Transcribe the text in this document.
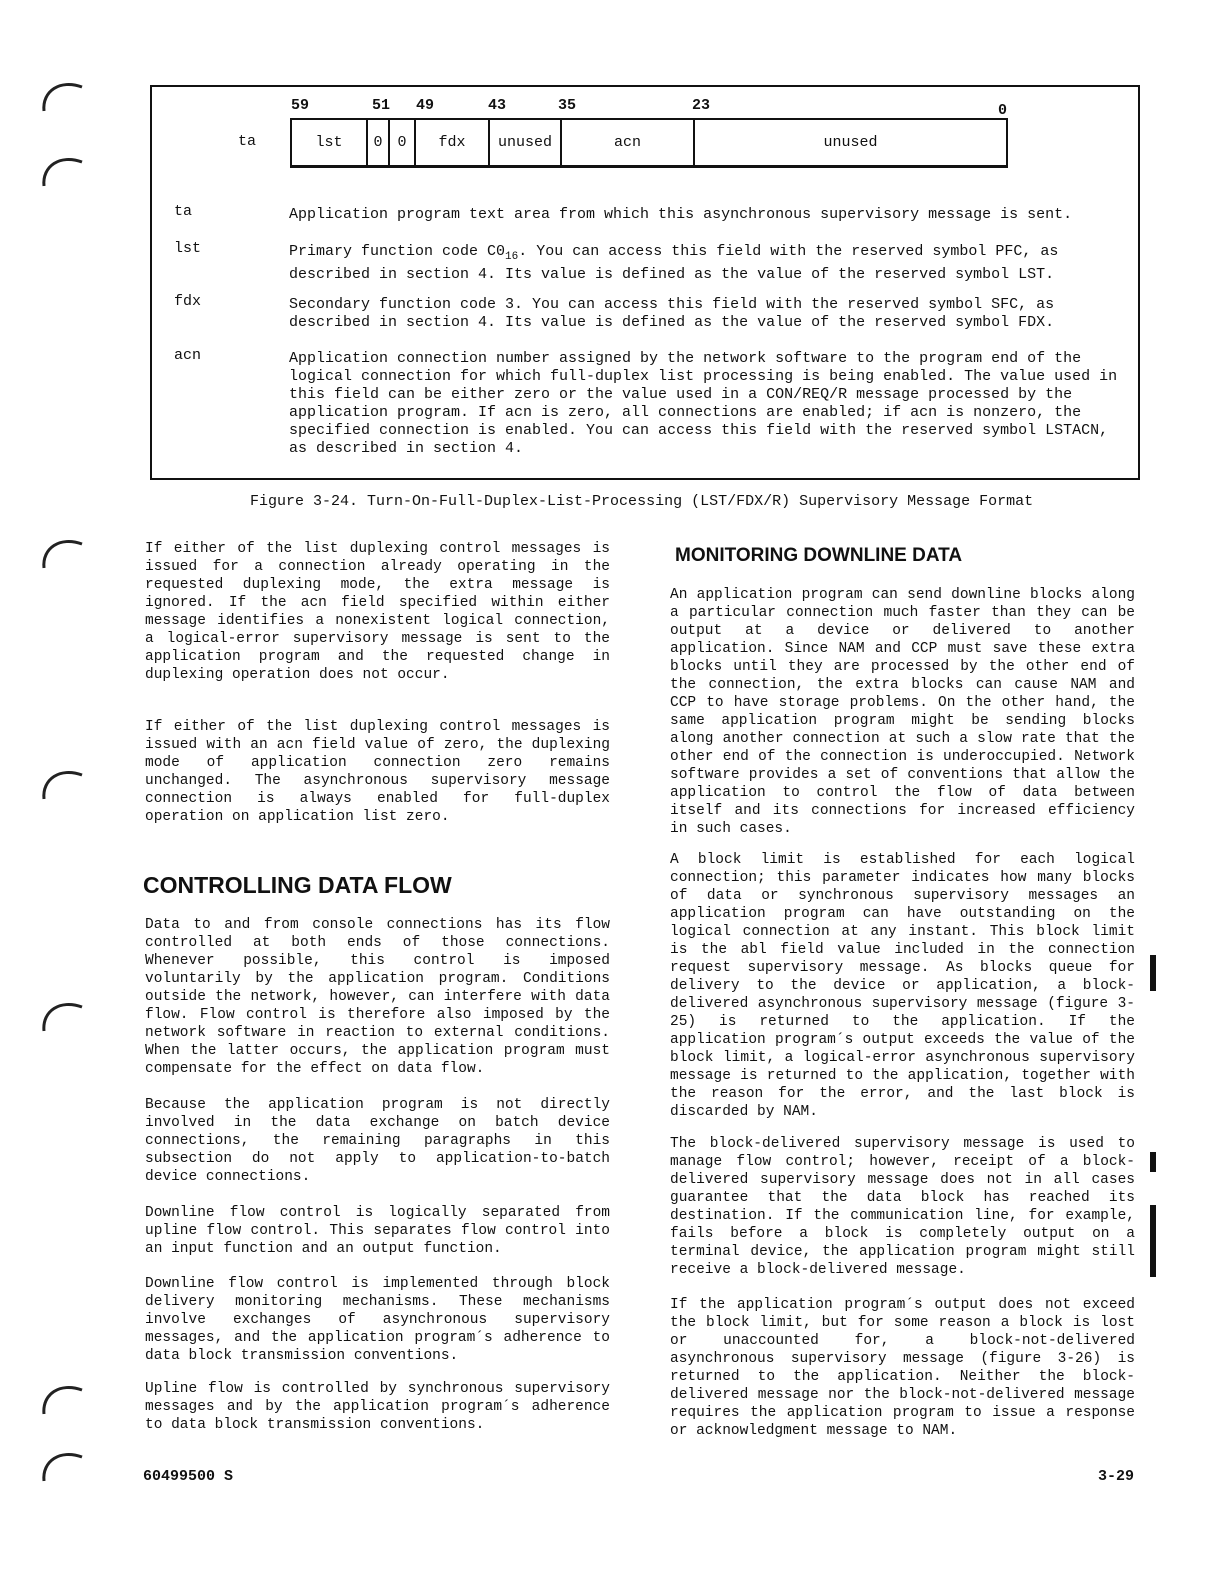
59	51 49	43	35	23	0
ta	lst	0 0	fdx	unused	acn	unused
ta	Application program text area from which this asynchronous supervisory message is sent.
lst	Primary function code $C0_{16}$. You can access this field with the reserved symbol PFC, as described in section 4. Its value is defined as the value of the reserved symbol LST.
fdx	Secondary function code 3. You can access this field with the reserved symbol SFC, as described in section 4. Its value is defined as the value of the reserved symbol FDX.
acn	Application connection number assigned by the network software to the program end of the logical connection for which full-duplex list processing is being enabled. The value used in this field can be either zero or the value used in a CON/REQ/R message processed by the application program. If acn is zero, all connections are enabled; if acn is nonzero, the specified connection is enabled. You can access this field with the reserved symbol LSTACN, as described in section 4.
Figure 3-24. Turn-On-Full-Duplex-List-Processing (LST/FDX/R) Supervisory Message Format
If either of the list duplexing control messages is issued for a connection already operating in the requested duplexing mode, the extra message is ignored. If the acn field specified within either message identifies a nonexistent logical connection, a logical-error supervisory message is sent to the application program and the requested change in duplexing operation does not occur.
If either of the list duplexing control messages is issued with an acn field value of zero, the duplexing mode of application connection zero remains unchanged. The asynchronous supervisory message connection is always enabled for full-duplex operation on application list zero.
CONTROLLING DATA FLOW
Data to and from console connections has its flow controlled at both ends of those connections. Whenever possible, this control is imposed voluntarily by the application program. Conditions outside the network, however, can interfere with data flow. Flow control is therefore also imposed by the network software in reaction to external conditions. When the latter occurs, the application program must compensate for the effect on data flow.
Because the application program is not directly involved in the data exchange on batch device connections, the remaining paragraphs in this subsection do not apply to application-to-batch device connections.
Downline flow control is logically separated from upline flow control. This separates flow control into an input function and an output function.
Downline flow control is implemented through block delivery monitoring mechanisms. These mechanisms involve exchanges of asynchronous supervisory messages, and the application program´s adherence to data block transmission conventions.
Upline flow is controlled by synchronous supervisory messages and by the application program´s adherence to data block transmission conventions.
MONITORING DOWNLINE DATA
An application program can send downline blocks along a particular connection much faster than they can be output at a device or delivered to another application. Since NAM and CCP must save these extra blocks until they are processed by the other end of the connection, the extra blocks can cause NAM and CCP to have storage problems. On the other hand, the same application program might be sending blocks along another connection at such a slow rate that the other end of the connection is underoccupied. Network software provides a set of conventions that allow the application to control the flow of data between itself and its connections for increased efficiency in such cases.
A block limit is established for each logical connection; this parameter indicates how many blocks of data or synchronous supervisory messages an application program can have outstanding on the logical connection at any instant. This block limit is the abl field value included in the connection request supervisory message. As blocks queue for delivery to the device or application, a block-delivered asynchronous supervisory message (figure 3-25) is returned to the application. If the application program´s output exceeds the value of the block limit, a logical-error asynchronous supervisory message is returned to the application, together with the reason for the error, and the last block is discarded by NAM.
The block-delivered supervisory message is used to manage flow control; however, receipt of a block-delivered supervisory message does not in all cases guarantee that the data block has reached its destination. If the communication line, for example, fails before a block is completely output on a terminal device, the application program might still receive a block-delivered message.
If the application program´s output does not exceed the block limit, but for some reason a block is lost or unaccounted for, a block-not-delivered asynchronous supervisory message (figure 3-26) is returned to the application. Neither the block-delivered message nor the block-not-delivered message requires the application program to issue a response or acknowledgment message to NAM.
60499500 S	3-29
